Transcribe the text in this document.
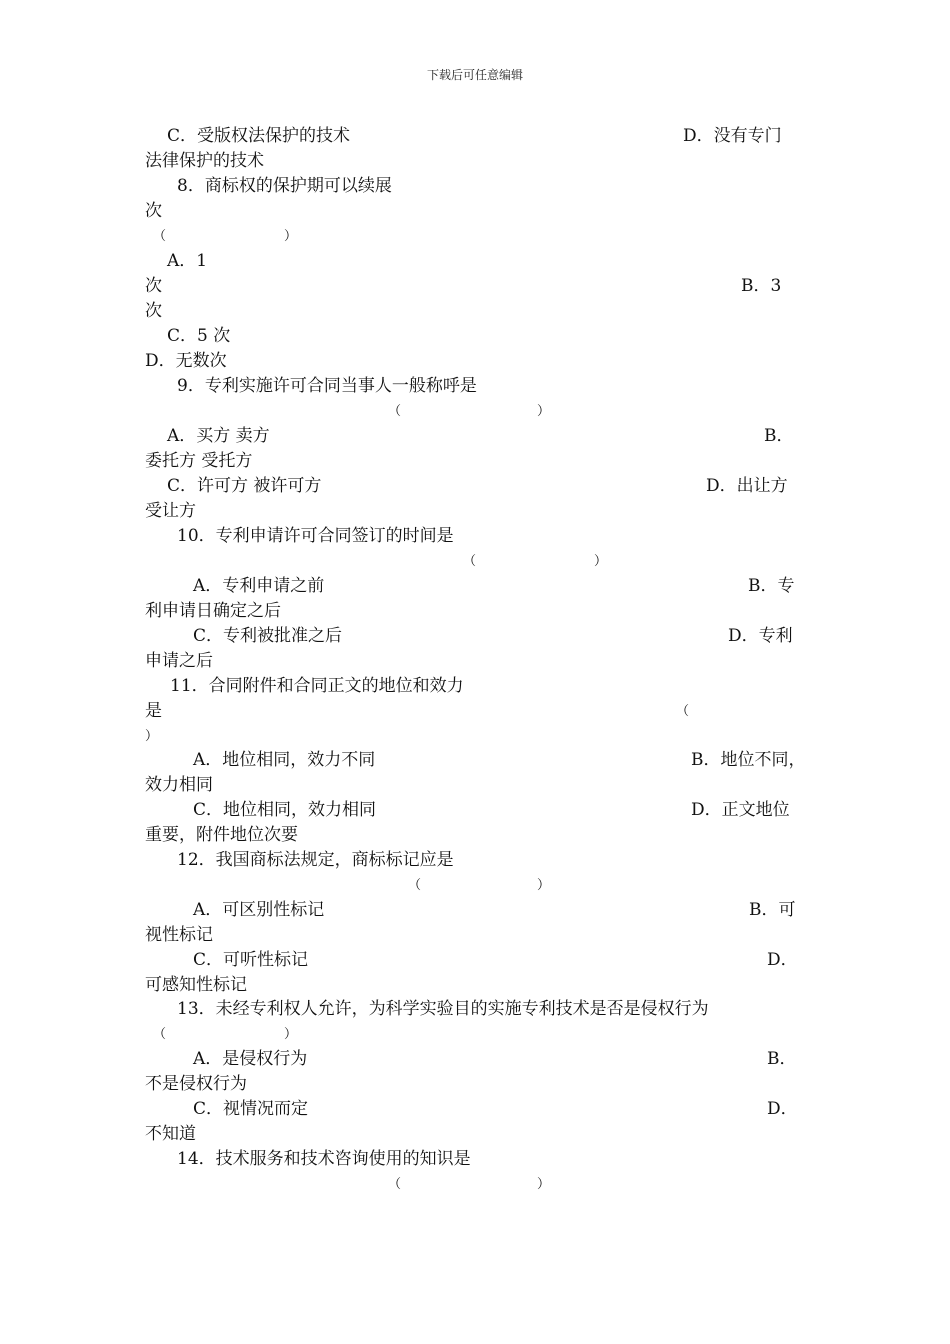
下载后可任意编辑
C．受版权法保护的技术	D．没有专门
法律保护的技术
8．商标权的保护期可以续展
次
（	）
A．1
次	B．3
次
C．5 次
D．无数次
9．专利实施许可合同当事人一般称呼是
（	）
A．买方 卖方	B．
委托方 受托方
C．许可方 被许可方	D．出让方
受让方
10．专利申请许可合同签订的时间是
（	）
A．专利申请之前	B．专
利申请日确定之后
C．专利被批准之后	D．专利
申请之后
11．合同附件和合同正文的地位和效力
是	（
）
A．地位相同，效力不同	B．地位不同，
效力相同
C．地位相同，效力相同	D．正文地位
重要，附件地位次要
12．我国商标法规定，商标标记应是
（	）
A．可区别性标记	B．可
视性标记
C．可听性标记	D．
可感知性标记
13．未经专利权人允许，为科学实验目的实施专利技术是否是侵权行为
（	）
A．是侵权行为	B．
不是侵权行为
C．视情况而定	D．
不知道
14．技术服务和技术咨询使用的知识是
（	）
